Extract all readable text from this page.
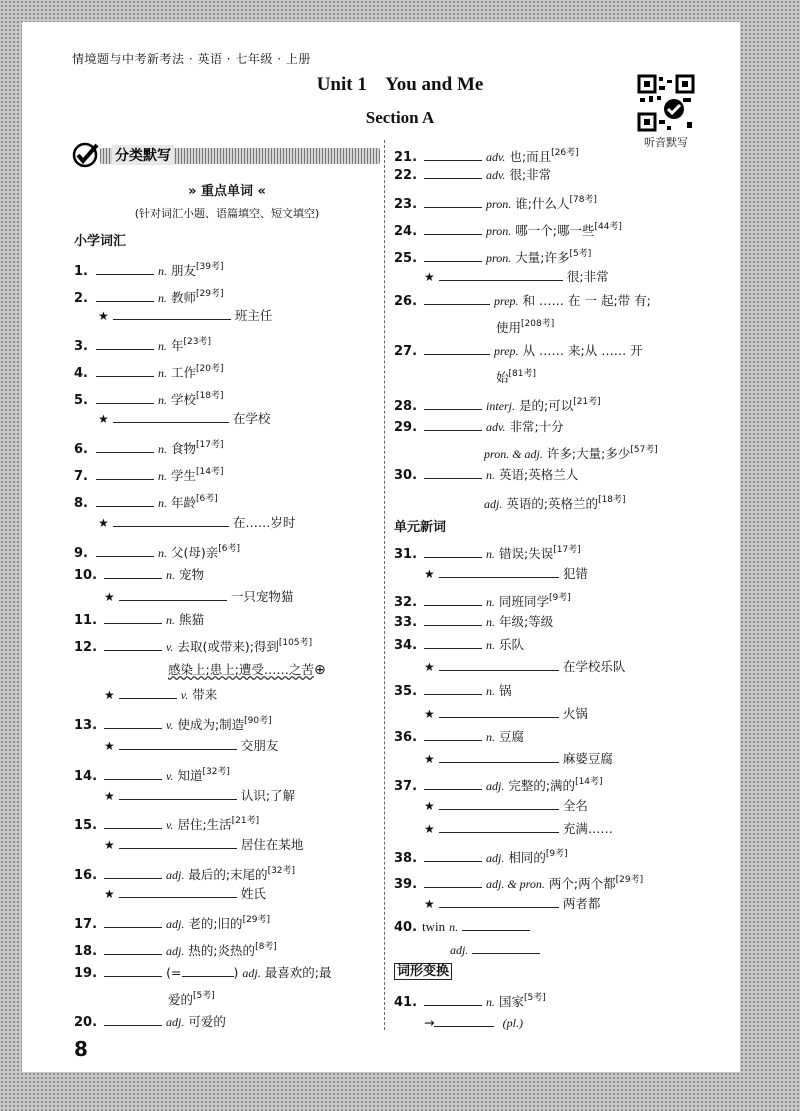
情境题与中考新考法 · 英语 · 七年级 · 上册
Unit 1    You and Me
Section A
听音默写
分类默写
» 重点单词 «
(针对词汇小题、语篇填空、短文填空)
小学词汇
1.	n. 朋友[39考]
2.	n. 教师[29考]
★	班主任
3.	n. 年[23考]
4.	n. 工作[20考]
5.	n. 学校[18考]
★	在学校
6.	n. 食物[17考]
7.	n. 学生[14考]
8.	n. 年龄[6考]
★	在……岁时
9.	n. 父(母)亲[6考]
10.	n. 宠物
★	一只宠物猫
11.	n. 熊猫
12.	v. 去取(或带来);得到[105考]
感染上;患上;遭受……之苦⊕
★	v. 带来
13.	v. 使成为;制造[90考]
★	交朋友
14.	v. 知道[32考]
★	认识;了解
15.	v. 居住;生活[21考]
★	居住在某地
16.	adj. 最后的;末尾的[32考]
★	姓氏
17.	adj. 老的;旧的[29考]
18.	adj. 热的;炎热的[8考]
19.	(=	) adj. 最喜欢的;最
爱的[5考]
20.	adj. 可爱的
21.	adv. 也;而且[26考]
22.	adv. 很;非常
23.	pron. 谁;什么人[78考]
24.	pron. 哪一个;哪一些[44考]
25.	pron. 大量;许多[5考]
★	很;非常
26.	prep. 和 …… 在 一 起;带 有;
使用[208考]
27.	prep. 从 …… 来;从 …… 开
始[81考]
28.	interj. 是的;可以[21考]
29.	adv. 非常;十分
pron. & adj. 许多;大量;多少[57考]
30.	n. 英语;英格兰人
adj. 英语的;英格兰的[18考]
单元新词
31.	n. 错误;失误[17考]
★	犯错
32.	n. 同班同学[9考]
33.	n. 年级;等级
34.	n. 乐队
★	在学校乐队
35.	n. 锅
★	火锅
36.	n. 豆腐
★	麻婆豆腐
37.	adj. 完整的;满的[14考]
★	全名
★	充满……
38.	adj. 相同的[9考]
39.	adj. & pron. 两个;两个都[29考]
★	两者都
40. twin n.
adj.
词形变换
41.	n. 国家[5考]
→	(pl.)
8
